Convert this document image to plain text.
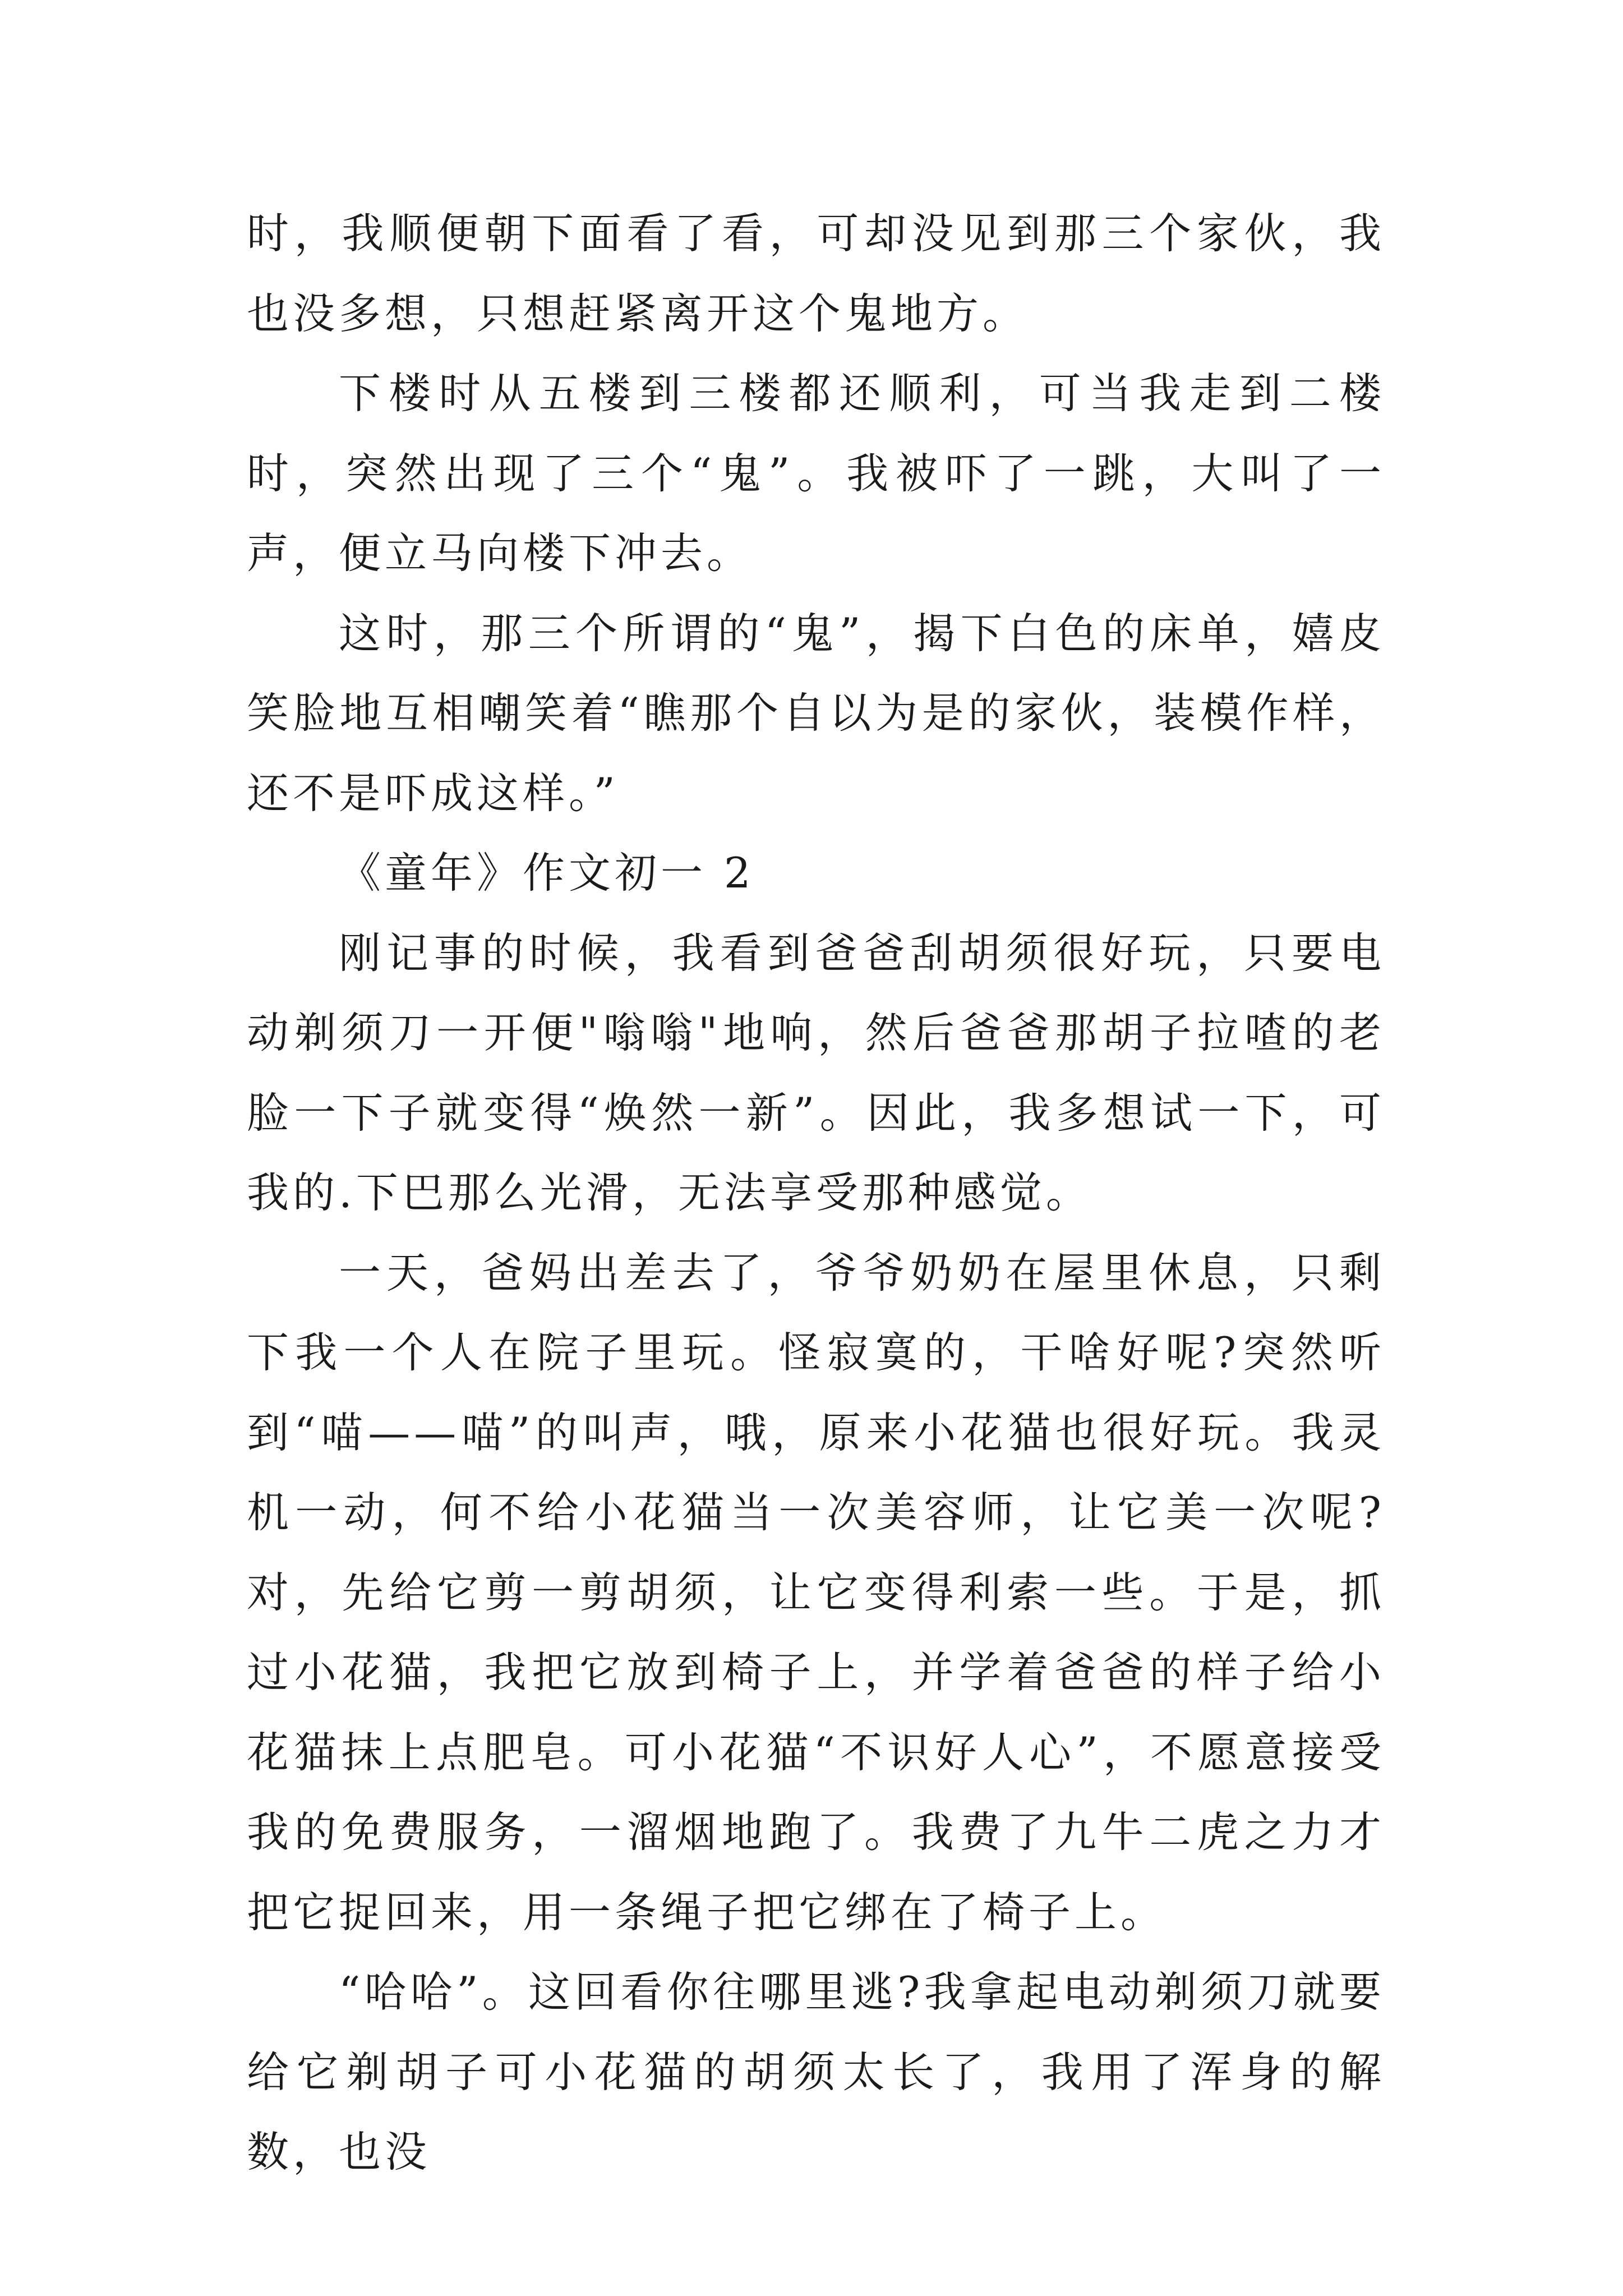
时，我顺便朝下面看了看，可却没见到那三个家伙，我也没多想，只想赶紧离开这个鬼地方。

下楼时从五楼到三楼都还顺利，可当我走到二楼时，突然出现了三个“鬼”。我被吓了一跳，大叫了一声，便立马向楼下冲去。

这时，那三个所谓的“鬼”，揭下白色的床单，嬉皮笑脸地互相嘲笑着“瞧那个自以为是的家伙，装模作样，还不是吓成这样。”

《童年》作文初一 2

刚记事的时候，我看到爸爸刮胡须很好玩，只要电动剃须刀一开便"嗡嗡"地响，然后爸爸那胡子拉喳的老脸一下子就变得“焕然一新”。因此，我多想试一下，可我的.下巴那么光滑，无法享受那种感觉。

一天，爸妈出差去了，爷爷奶奶在屋里休息，只剩下我一个人在院子里玩。怪寂寞的，干啥好呢?突然听到“喵——喵”的叫声，哦，原来小花猫也很好玩。我灵机一动，何不给小花猫当一次美容师，让它美一次呢?对，先给它剪一剪胡须，让它变得利索一些。于是，抓过小花猫，我把它放到椅子上，并学着爸爸的样子给小花猫抹上点肥皂。可小花猫“不识好人心”，不愿意接受我的免费服务，一溜烟地跑了。我费了九牛二虎之力才把它捉回来，用一条绳子把它绑在了椅子上。

“哈哈”。这回看你往哪里逃?我拿起电动剃须刀就要给它剃胡子可小花猫的胡须太长了，我用了浑身的解数，也没
